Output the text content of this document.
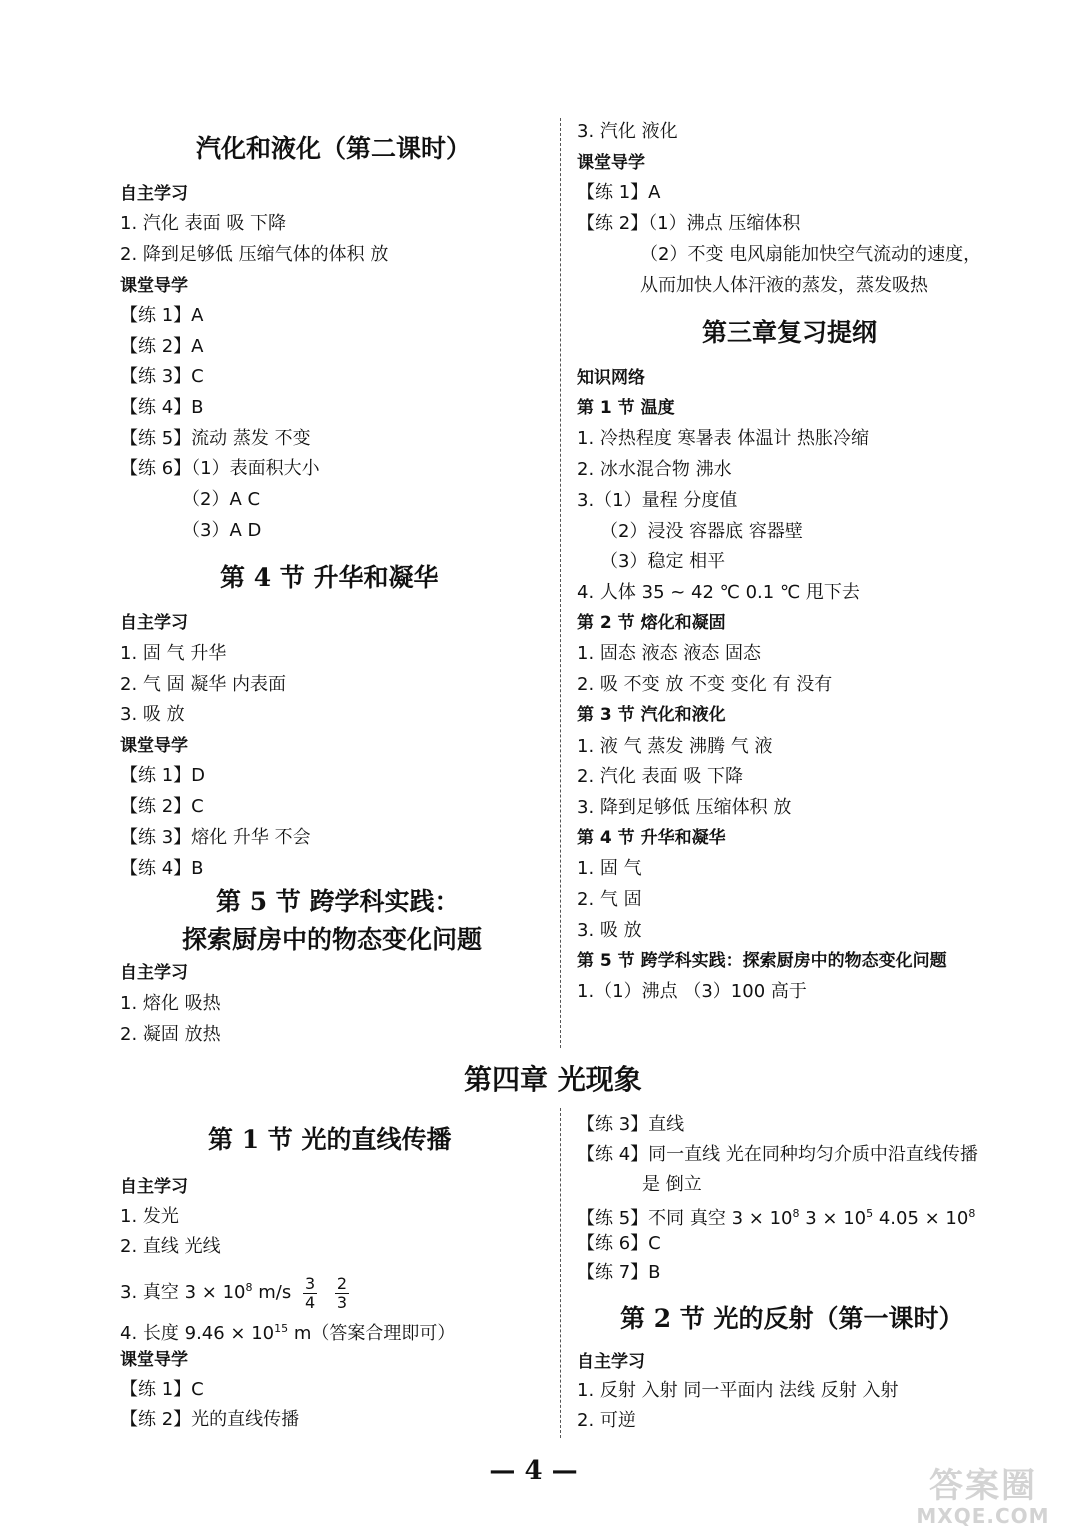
汽化和液化（第二课时）
自主学习
1. 汽化 表面 吸 下降
2. 降到足够低 压缩气体的体积 放
课堂导学
【练 1】A
【练 2】A
【练 3】C
【练 4】B
【练 5】流动 蒸发 不变
【练 6】（1）表面积大小
（2）A C
（3）A D
第 4 节 升华和凝华
自主学习
1. 固 气 升华
2. 气 固 凝华 内表面
3. 吸 放
课堂导学
【练 1】D
【练 2】C
【练 3】熔化 升华 不会
【练 4】B
第 5 节 跨学科实践：
探索厨房中的物态变化问题
自主学习
1. 熔化 吸热
2. 凝固 放热
3. 汽化 液化
课堂导学
【练 1】A
【练 2】（1）沸点 压缩体积
（2）不变 电风扇能加快空气流动的速度，
从而加快人体汗液的蒸发，蒸发吸热
第三章复习提纲
知识网络
第 1 节 温度
1. 冷热程度 寒暑表 体温计 热胀冷缩
2. 冰水混合物 沸水
3.（1）量程 分度值
（2）浸没 容器底 容器壁
（3）稳定 相平
4. 人体 35 ~ 42 ℃ 0.1 ℃ 甩下去
第 2 节 熔化和凝固
1. 固态 液态 液态 固态
2. 吸 不变 放 不变 变化 有 没有
第 3 节 汽化和液化
1. 液 气 蒸发 沸腾 气 液
2. 汽化 表面 吸 下降
3. 降到足够低 压缩体积 放
第 4 节 升华和凝华
1. 固 气
2. 气 固
3. 吸 放
第 5 节 跨学科实践：探索厨房中的物态变化问题
1.（1）沸点 （3）100 高于
第四章 光现象
第 1 节 光的直线传播
自主学习
1. 发光
2. 直线 光线
3. 真空 $3 \times 10^8$ $m/s \frac{3}{4}$
$\frac{2}{3}$
4. 长度 $9.46 \times 10^{15}$ m（答案合理即可）
课堂导学
【练 1】C
【练 2】光的直线传播
【练 3】直线
【练 4】同一直线 光在同种均匀介质中沿直线传播
是 倒立
【练 5】不同 真空 $3 \times 10^8$ $3 \times 10^5$ $4.05 \times 10^8$
【练 6】C
【练 7】B
第 2 节 光的反射（第一课时）
自主学习
1. 反射 入射 同一平面内 法线 反射 入射
2. 可逆
— 4 —	答案圈
MXQE.COM
